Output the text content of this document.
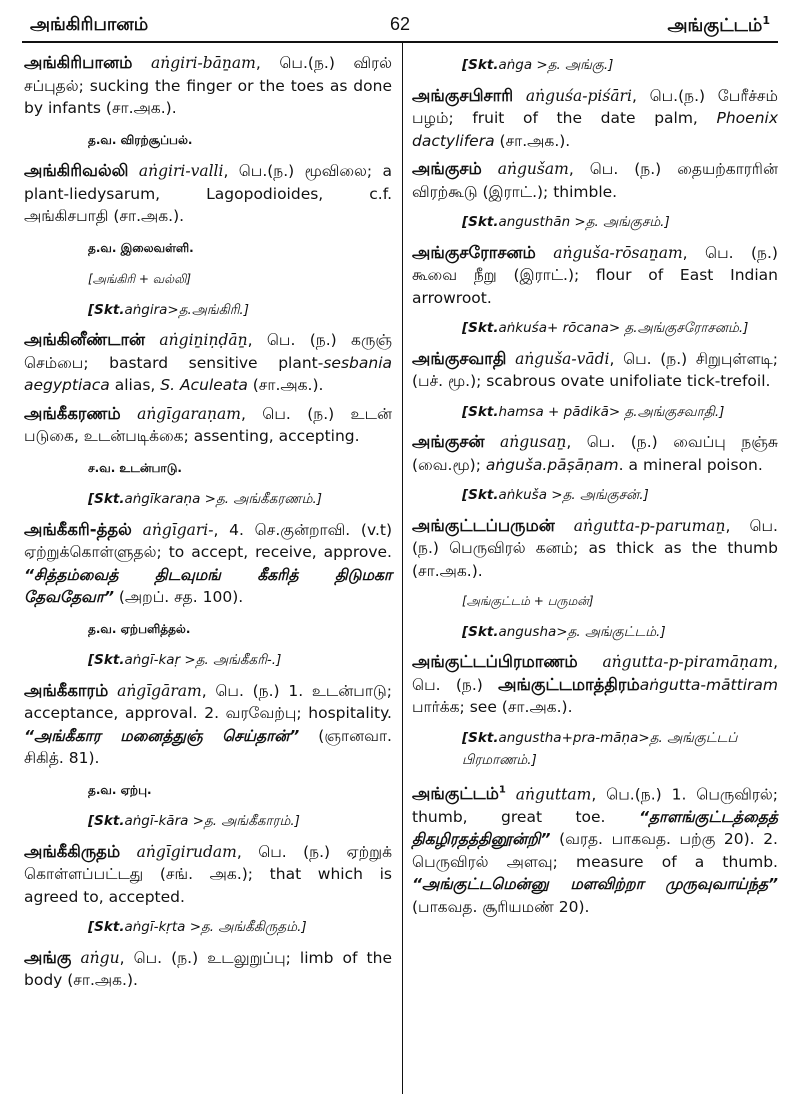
அங்கிரிபானம்	62	அங்குட்டம்$^1$
அங்கிரிபானம் aṅgiri-bāṉam, பெ.(ந.) விரல் சப்புதல்; sucking the finger or the toes as done by infants (சா.அக.).
த.வ. விரற்சூப்பல்.
அங்கிரிவல்லி aṅgiri-valli, பெ.(ந.) மூவிலை; a plant-liedysarum, Lagopodioides, c.f. அங்கிசபாதி (சா.அக.).
த.வ. இலைவள்ளி.
[அங்கிரி + வல்லி]
[Skt.aṅgira>த.அங்கிரி.]
அங்கினீண்டான் aṅgiṉiṇḍāṉ, பெ. (ந.) கருஞ் செம்பை; bastard sensitive plant-sesbania aegyptiaca alias, S. Aculeata (சா.அக.).
அங்கீகரணம் aṅgīgaraṇam, பெ. (ந.) உடன் படுகை, உடன்படிக்கை; assenting, accepting.
ச.வ. உடன்பாடு.
[Skt.aṅgīkaraṇa >த. அங்கீகரணம்.]
அங்கீகரி-த்தல் aṅgīgari-, 4. செ.குன்றாவி. (v.t) ஏற்றுக்கொள்ளுதல்; to accept, receive, approve. “சித்தம்வைத் திடவுமங் கீகரித் திடுமகா தேவதேவா” (அறப். சத. 100).
த.வ. ஏற்பளித்தல்.
[Skt.aṅgī-kaṛ >த. அங்கீகரி-.]
அங்கீகாரம் aṅgīgāram, பெ. (ந.) 1. உடன்பாடு; acceptance, approval. 2. வரவேற்பு; hospitality. “அங்கீகார மனைத்துஞ் செய்தான்” (ஞானவா. சிகித். 81).
த.வ. ஏற்பு.
[Skt.aṅgī-kāra >த. அங்கீகாரம்.]
அங்கீகிருதம் aṅgīgirudam, பெ. (ந.) ஏற்றுக் கொள்ளப்பட்டது (சங். அக.); that which is agreed to, accepted.
[Skt.aṅgī-kṛta >த. அங்கீகிருதம்.]
அங்கு aṅgu, பெ. (ந.) உடலுறுப்பு; limb of the body (சா.அக.).
[Skt.aṅga >த. அங்கு.]
அங்குசபிசாரி aṅguśa-piśāri, பெ.(ந.) பேரீச்சம் பழம்; fruit of the date palm, Phoenix dactylifera (சா.அக.).
அங்குசம் aṅgušam, பெ. (ந.) தையற்காரரின் விரற்கூடு (இராட்.); thimble.
[Skt.angusthān >த. அங்குசம்.]
அங்குசரோசனம் aṅguša-rōsaṉam, பெ. (ந.) கூவை நீறு (இராட்.); flour of East Indian arrowroot.
[Skt.aṅkuśa+ rōcana> த.அங்குசரோசனம்.]
அங்குசவாதி aṅguša-vādi, பெ. (ந.) சிறுபுள்ளடி; (பச். மூ.); scabrous ovate unifoliate tick-trefoil.
[Skt.hamsa + pādikā> த.அங்குசவாதி.]
அங்குசன் aṅgusaṉ, பெ. (ந.) வைப்பு நஞ்சு (வை.மூ); aṅguša.pāṣāṇam. a mineral poison.
[Skt.aṅkuša >த. அங்குசன்.]
அங்குட்டப்பருமன் aṅgutta-p-parumaṉ, பெ. (ந.) பெருவிரல் கனம்; as thick as the thumb (சா.அக.).
[அங்குட்டம் + பருமன்]
[Skt.angusha>த. அங்குட்டம்.]
அங்குட்டப்பிரமாணம் aṅgutta-p-piramāṇam, பெ. (ந.) அங்குட்டமாத்திரம்aṅgutta-māttiram பார்க்க; see (சா.அக.).
[Skt.angustha+pra-māṇa>த. அங்குட்டப் பிரமாணம்.]
அங்குட்டம்$^1$ aṅguttam, பெ.(ந.) 1. பெருவிரல்; thumb, great toe. “தாளங்குட்டத்தைத் திகழிரதத்தினூன்றி” (வரத. பாகவத. பற்கு 20). 2. பெருவிரல் அளவு; measure of a thumb. “அங்குட்டமென்னு மளவிற்றா முருவுவாய்ந்த” (பாகவத. சூரியமண் 20).
